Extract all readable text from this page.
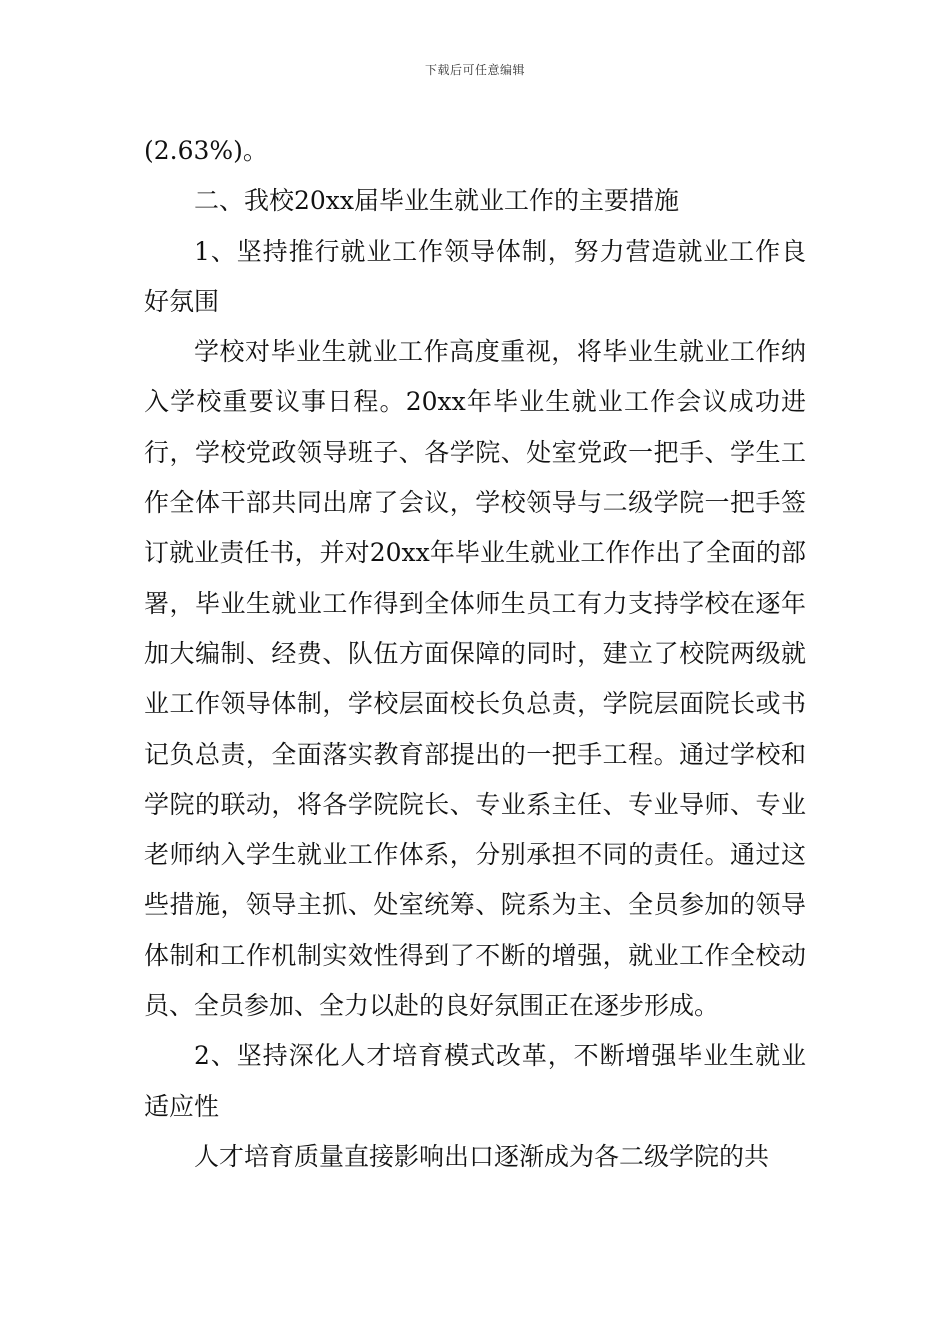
下载后可任意编辑

(2.63%)。

二、我校20xx届毕业生就业工作的主要措施

1、坚持推行就业工作领导体制，努力营造就业工作良好氛围

学校对毕业生就业工作高度重视，将毕业生就业工作纳入学校重要议事日程。20xx年毕业生就业工作会议成功进行，学校党政领导班子、各学院、处室党政一把手、学生工作全体干部共同出席了会议，学校领导与二级学院一把手签订就业责任书，并对20xx年毕业生就业工作作出了全面的部署，毕业生就业工作得到全体师生员工有力支持学校在逐年加大编制、经费、队伍方面保障的同时，建立了校院两级就业工作领导体制，学校层面校长负总责，学院层面院长或书记负总责，全面落实教育部提出的一把手工程。通过学校和学院的联动，将各学院院长、专业系主任、专业导师、专业老师纳入学生就业工作体系，分别承担不同的责任。通过这些措施，领导主抓、处室统筹、院系为主、全员参加的领导体制和工作机制实效性得到了不断的增强，就业工作全校动员、全员参加、全力以赴的良好氛围正在逐步形成。

2、坚持深化人才培育模式改革，不断增强毕业生就业适应性

人才培育质量直接影响出口逐渐成为各二级学院的共
